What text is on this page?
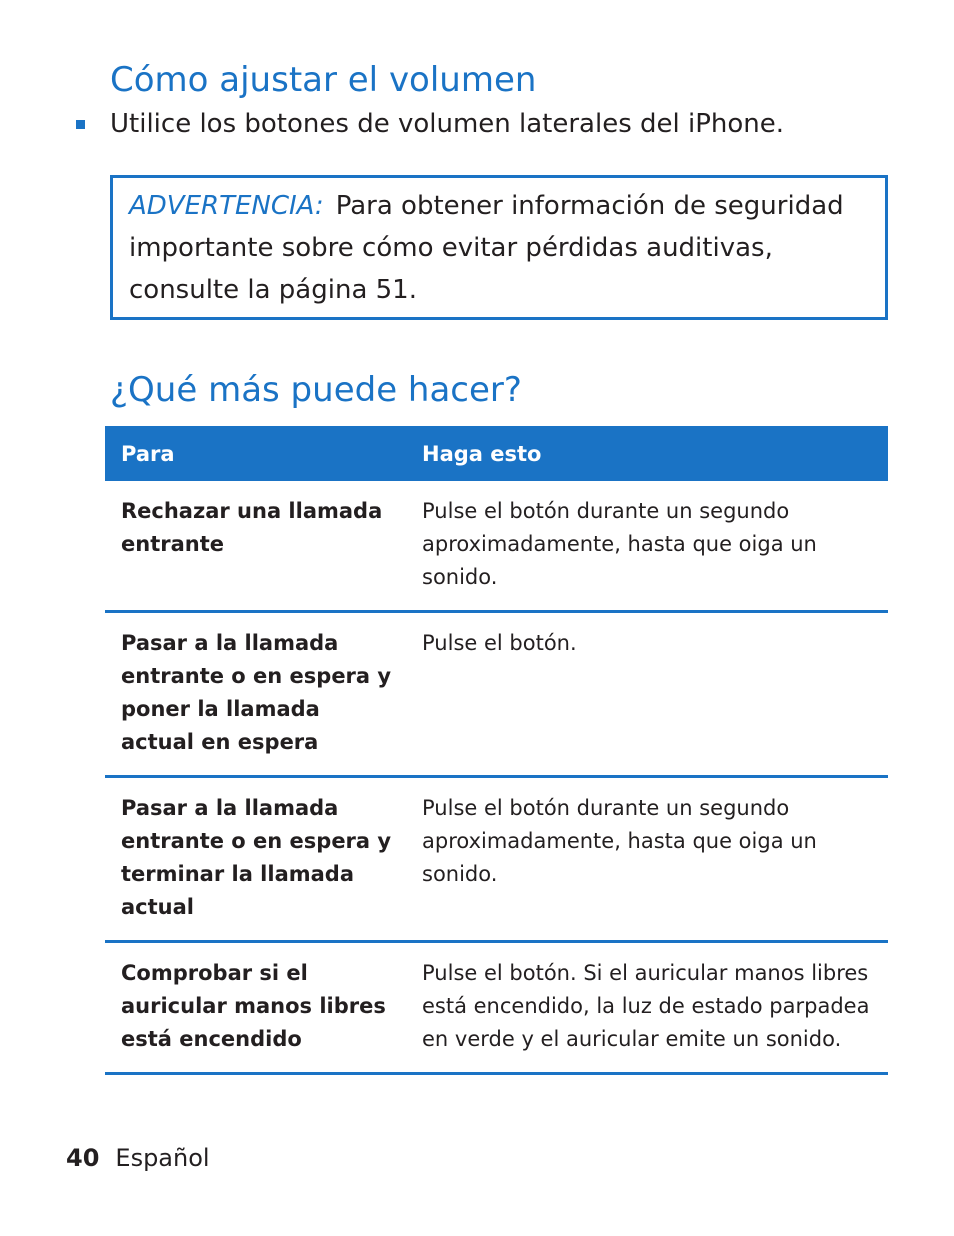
Cómo ajustar el volumen
Utilice los botones de volumen laterales del iPhone.
ADVERTENCIA: Para obtener información de seguridad importante sobre cómo evitar pérdidas auditivas, consulte la página 51.
¿Qué más puede hacer?
Para	Haga esto
Rechazar una llamada entrante	Pulse el botón durante un segundo aproximadamente, hasta que oiga un sonido.
Pasar a la llamada entrante o en espera y poner la llamada actual en espera	Pulse el botón.
Pasar a la llamada entrante o en espera y terminar la llamada actual	Pulse el botón durante un segundo aproximadamente, hasta que oiga un sonido.
Comprobar si el auricular manos libres está encendido	Pulse el botón. Si el auricular manos libres está encendido, la luz de estado parpadea en verde y el auricular emite un sonido.
40 Español
